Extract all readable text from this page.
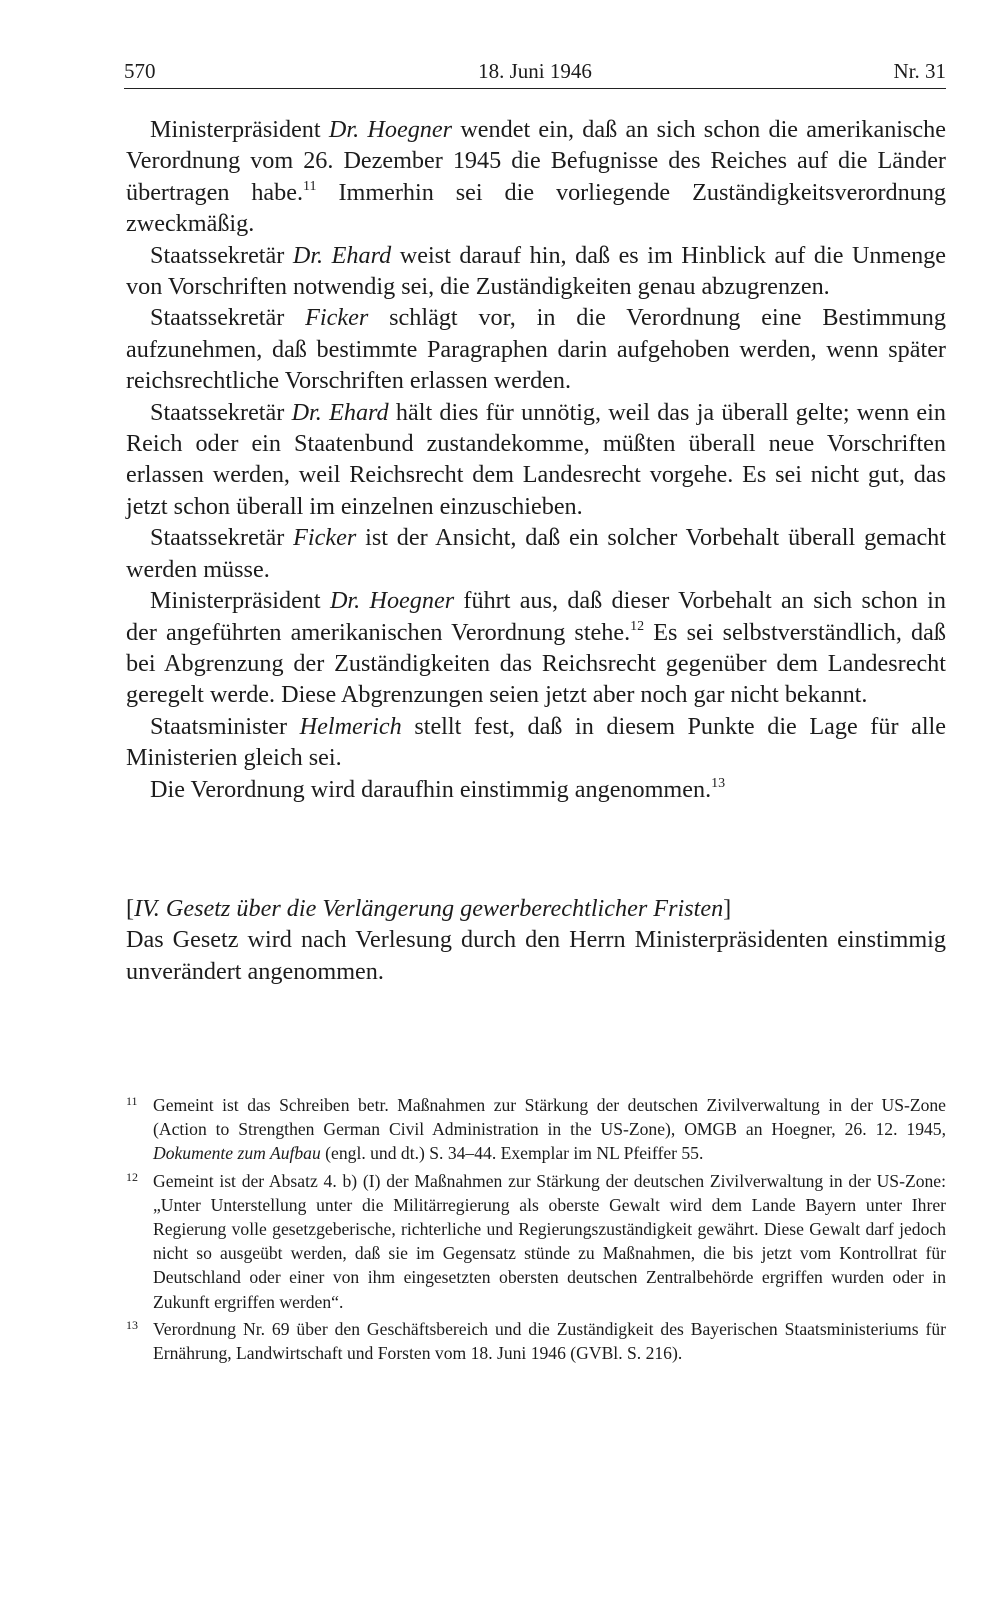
570	18. Juni 1946	Nr. 31

Ministerpräsident Dr. Hoegner wendet ein, daß an sich schon die amerikanische Verordnung vom 26. Dezember 1945 die Befugnisse des Reiches auf die Länder übertragen habe.$^{11}$ Immerhin sei die vorliegende Zuständigkeitsverordnung zweckmäßig.

Staatssekretär Dr. Ehard weist darauf hin, daß es im Hinblick auf die Unmenge von Vorschriften notwendig sei, die Zuständigkeiten genau abzugrenzen.

Staatssekretär Ficker schlägt vor, in die Verordnung eine Bestimmung aufzunehmen, daß bestimmte Paragraphen darin aufgehoben werden, wenn später reichsrechtliche Vorschriften erlassen werden.

Staatssekretär Dr. Ehard hält dies für unnötig, weil das ja überall gelte; wenn ein Reich oder ein Staatenbund zustandekomme, müßten überall neue Vorschriften erlassen werden, weil Reichsrecht dem Landesrecht vorgehe. Es sei nicht gut, das jetzt schon überall im einzelnen einzuschieben.

Staatssekretär Ficker ist der Ansicht, daß ein solcher Vorbehalt überall gemacht werden müsse.

Ministerpräsident Dr. Hoegner führt aus, daß dieser Vorbehalt an sich schon in der angeführten amerikanischen Verordnung stehe.$^{12}$ Es sei selbstverständlich, daß bei Abgrenzung der Zuständigkeiten das Reichsrecht gegenüber dem Landesrecht geregelt werde. Diese Abgrenzungen seien jetzt aber noch gar nicht bekannt.

Staatsminister Helmerich stellt fest, daß in diesem Punkte die Lage für alle Ministerien gleich sei.

Die Verordnung wird daraufhin einstimmig angenommen.$^{13}$

[IV. Gesetz über die Verlängerung gewerberechtlicher Fristen]

Das Gesetz wird nach Verlesung durch den Herrn Ministerpräsidenten einstimmig unverändert angenommen.

11 Gemeint ist das Schreiben betr. Maßnahmen zur Stärkung der deutschen Zivilverwaltung in der US-Zone (Action to Strengthen German Civil Administration in the US-Zone), OMGB an Hoegner, 26. 12. 1945, Dokumente zum Aufbau (engl. und dt.) S. 34–44. Exemplar im NL Pfeiffer 55.

12 Gemeint ist der Absatz 4. b) (I) der Maßnahmen zur Stärkung der deutschen Zivilverwaltung in der US-Zone: „Unter Unterstellung unter die Militärregierung als oberste Gewalt wird dem Lande Bayern unter Ihrer Regierung volle gesetzgeberische, richterliche und Regierungszuständigkeit gewährt. Diese Gewalt darf jedoch nicht so ausgeübt werden, daß sie im Gegensatz stünde zu Maßnahmen, die bis jetzt vom Kontrollrat für Deutschland oder einer von ihm eingesetzten obersten deutschen Zentralbehörde ergriffen wurden oder in Zukunft ergriffen werden“.

13 Verordnung Nr. 69 über den Geschäftsbereich und die Zuständigkeit des Bayerischen Staatsministeriums für Ernährung, Landwirtschaft und Forsten vom 18. Juni 1946 (GVBl. S. 216).
